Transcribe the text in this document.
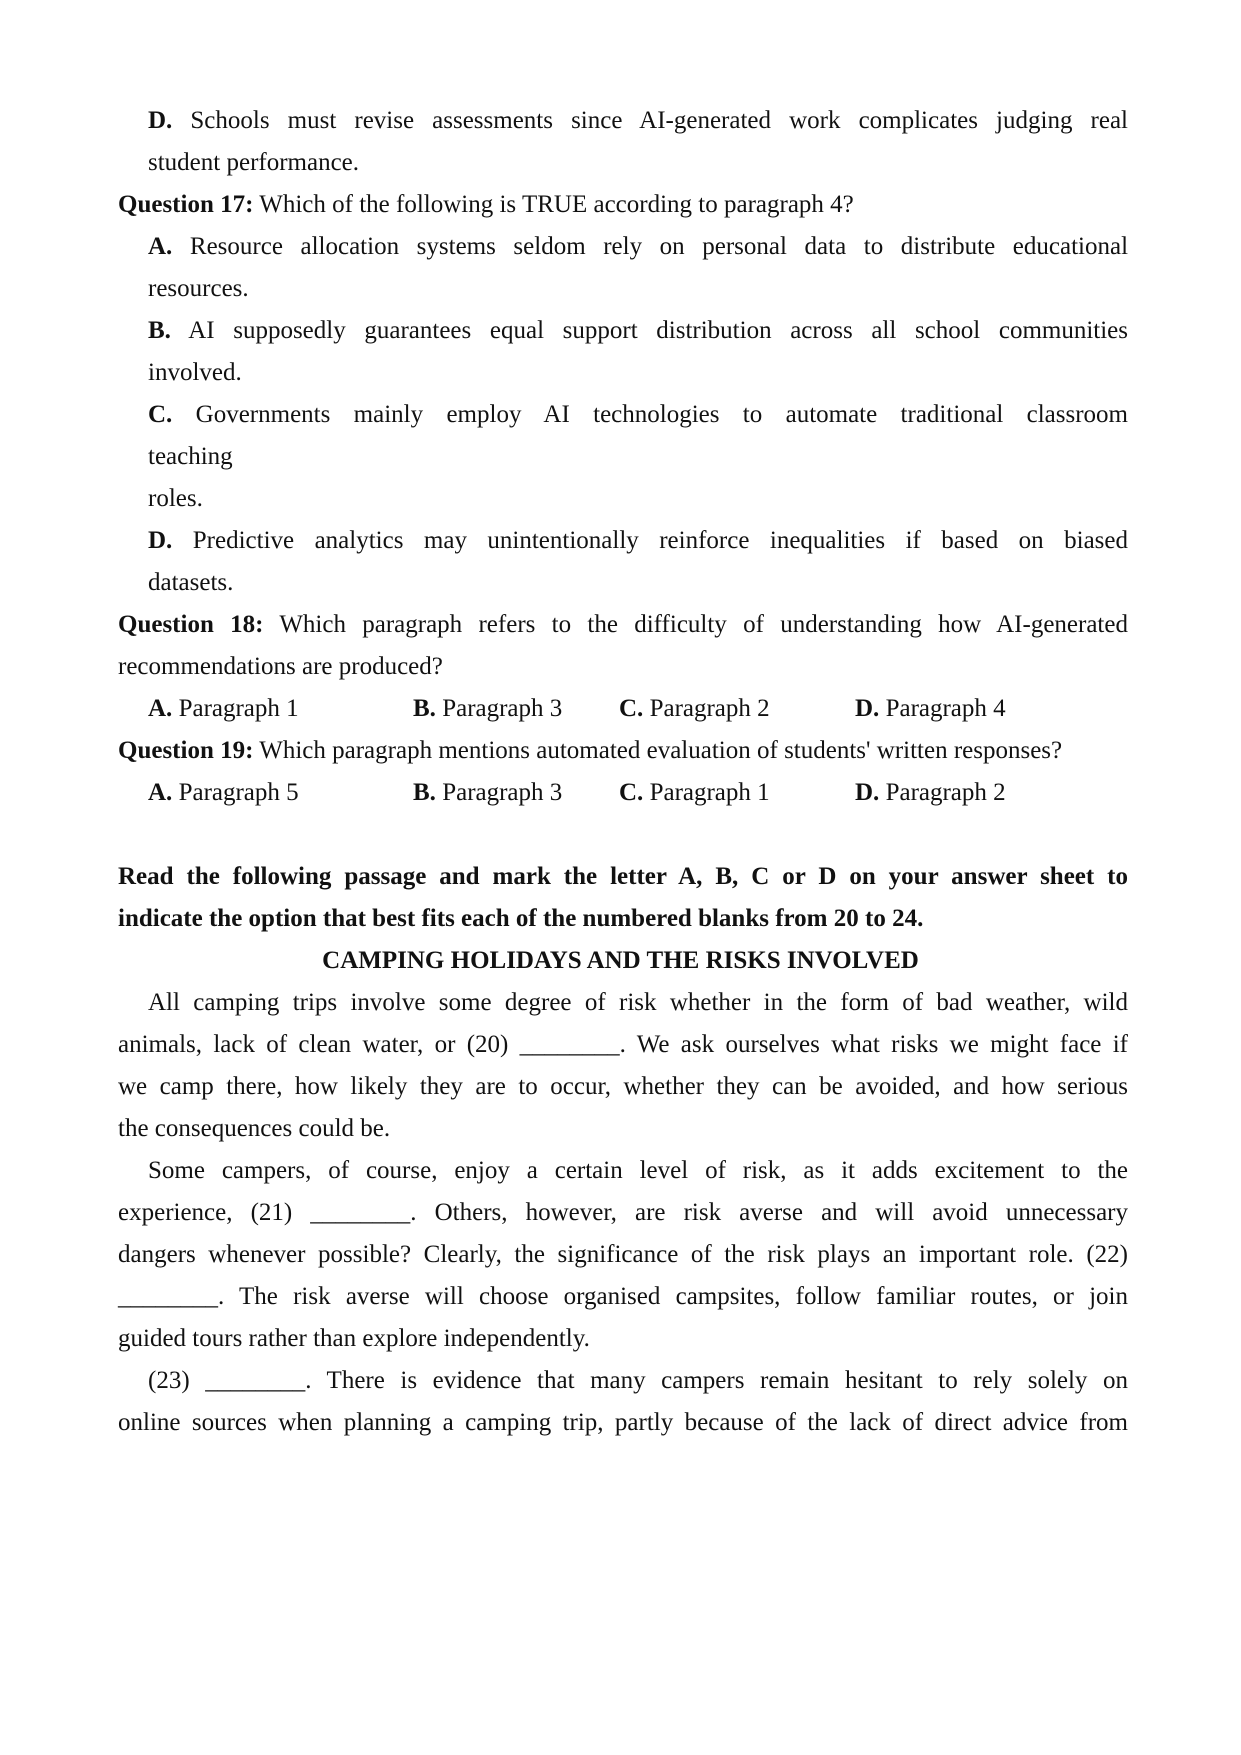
D. Schools must revise assessments since AI-generated work complicates judging real
student performance.
Question 17: Which of the following is TRUE according to paragraph 4?
A. Resource allocation systems seldom rely on personal data to distribute educational
resources.
B. AI supposedly guarantees equal support distribution across all school communities
involved.
C. Governments mainly employ AI technologies to automate traditional classroom
teaching
roles.
D. Predictive analytics may unintentionally reinforce inequalities if based on biased
datasets.
Question 18: Which paragraph refers to the difficulty of understanding how AI-generated
recommendations are produced?
A. Paragraph 1	B. Paragraph 3 C. Paragraph 2	D. Paragraph 4
Question 19: Which paragraph mentions automated evaluation of students' written responses?
A. Paragraph 5	B. Paragraph 3 C. Paragraph 1	D. Paragraph 2
Read the following passage and mark the letter A, B, C or D on your answer sheet to
indicate the option that best fits each of the numbered blanks from 20 to 24.
CAMPING HOLIDAYS AND THE RISKS INVOLVED
All camping trips involve some degree of risk whether in the form of bad weather, wild
animals, lack of clean water, or (20) ________. We ask ourselves what risks we might face if
we camp there, how likely they are to occur, whether they can be avoided, and how serious
the consequences could be.
Some campers, of course, enjoy a certain level of risk, as it adds excitement to the
experience, (21) ________. Others, however, are risk averse and will avoid unnecessary
dangers whenever possible? Clearly, the significance of the risk plays an important role. (22)
________. The risk averse will choose organised campsites, follow familiar routes, or join
guided tours rather than explore independently.
(23) ________. There is evidence that many campers remain hesitant to rely solely on
online sources when planning a camping trip, partly because of the lack of direct advice from
